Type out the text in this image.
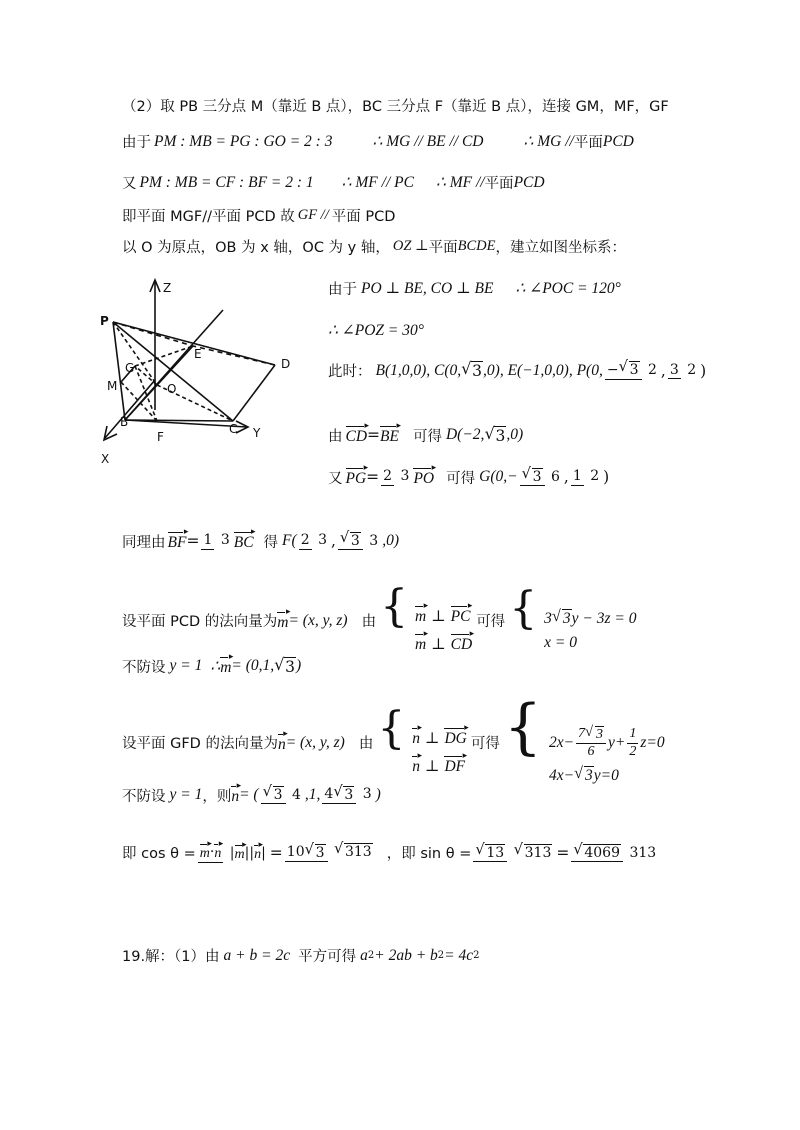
（2）取 PB 三分点 M（靠近 B 点），BC 三分点 F（靠近 B 点），连接 GM，MF，GF
由于 PM : MB = PG : GO = 2 : 3	∴ MG // BE // CD	∴ MG // 平面 PCD
又 PM : MB = CF : BF = 2 : 1 ∴ MF // PC ∴ MF // 平面 PCD
即平面 MGF//平面 PCD 故 GF // 平面 PCD
以 O 为原点，OB 为 x 轴，OC 为 y 轴， OZ ⊥ 平面 BCDE ，建立如图坐标系：
Z
P
G
E
D
M	O
B
F
C Y
X
由于 PO ⊥ BE, CO ⊥ BE ∴ ∠POC = 120°
∴ ∠POZ = 30°
此时： B(1,0,0), C(0,
√ 3 ,0), E(−1,0,0), P(0, −
√ 3 2 , 3 2 )
由 CD
▸
= BE
▸
可得 D(−2,
√ 3 ,0)
又 PG
▸
= 2 3 PO
▸
可得 G(0,−
√	3 6 , 1 2 )
同理由 BF
▸
= 1 3 BC
▸
得 F( 2 3 ,
√	3 3 ,0)
设平面 PCD 的法向量为 m
▸
= (x, y, z) 由 { m
▸
⊥ PC
▸
m
▸
⊥ CD
▸
可得 { 3√ 3y − 3z = 0
x = 0
不防设 y = 1 ∴ m
▸
= (0,1,
√ 3 )
设平面 GFD 的法向量为 n
▸
= (x, y, z) 由 { n
▸
⊥ DG
▸
n
▸
⊥ DF
▸
可得 { 2x− 7
√ 3
6 $y+ \frac{1}{2} z=0$
4x−√ 3y=0
不防设 y = 1 ，则 n
▸
= (
√	3 4 ,1, 4
√ 3 3 )
即 cos θ = m
▸
· n
▸

| m
▸
|| n
▸
| = 10
√ 3

√	313 ，即 sin θ =
√	13

√	313 =
√	4069 313
19.解：（1）由 a + b = 2c 平方可得 a 2 + 2ab + b 2 = 4c 2
